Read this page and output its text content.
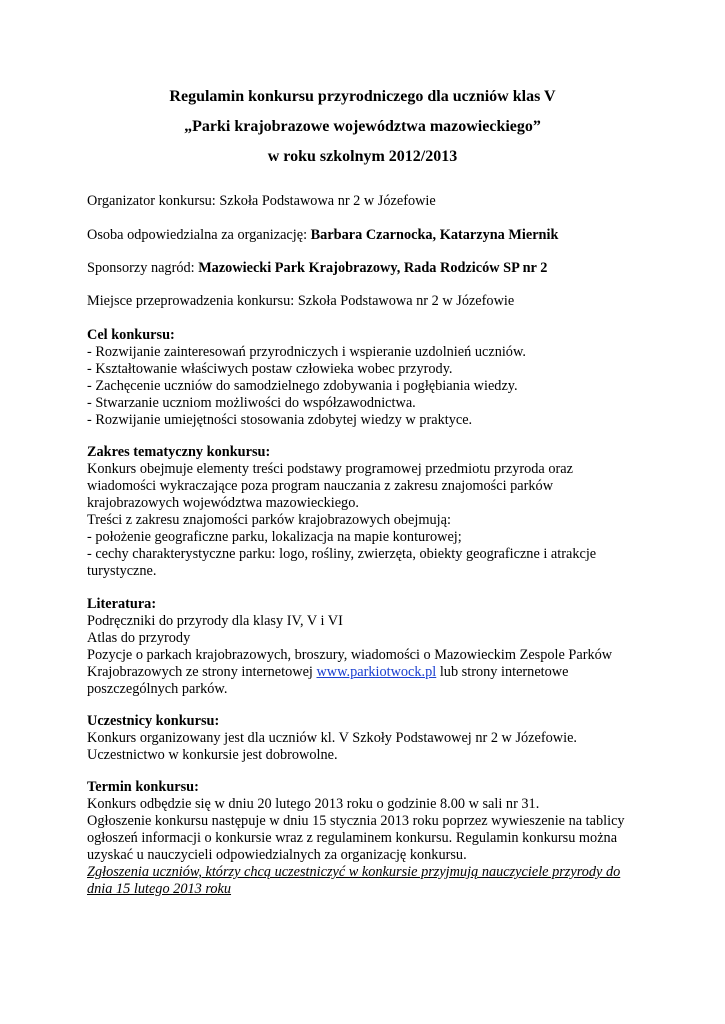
Regulamin konkursu przyrodniczego dla uczniów klas V
„Parki krajobrazowe województwa mazowieckiego”
w roku szkolnym 2012/2013
Organizator konkursu: Szkoła Podstawowa nr 2 w Józefowie
Osoba odpowiedzialna za organizację: Barbara Czarnocka, Katarzyna Miernik
Sponsorzy nagród: Mazowiecki Park Krajobrazowy, Rada Rodziców SP nr 2
Miejsce przeprowadzenia konkursu: Szkoła Podstawowa nr 2 w Józefowie
Cel konkursu:
- Rozwijanie zainteresowań przyrodniczych i wspieranie uzdolnień uczniów.
- Kształtowanie właściwych postaw człowieka wobec przyrody.
- Zachęcenie uczniów do samodzielnego zdobywania i pogłębiania wiedzy.
- Stwarzanie uczniom możliwości do współzawodnictwa.
- Rozwijanie umiejętności stosowania zdobytej wiedzy w praktyce.
Zakres tematyczny konkursu:
Konkurs obejmuje elementy treści podstawy programowej przedmiotu przyroda oraz
wiadomości wykraczające poza program nauczania z zakresu znajomości parków
krajobrazowych województwa mazowieckiego.
Treści z zakresu znajomości parków krajobrazowych obejmują:
- położenie geograficzne parku, lokalizacja na mapie konturowej;
- cechy charakterystyczne parku: logo, rośliny, zwierzęta, obiekty geograficzne i atrakcje
turystyczne.
Literatura:
Podręczniki do przyrody dla klasy IV, V i VI
Atlas do przyrody
Pozycje o parkach krajobrazowych, broszury, wiadomości o Mazowieckim Zespole Parków
Krajobrazowych ze strony internetowej www.parkiotwock.pl lub strony internetowe
poszczególnych parków.
Uczestnicy konkursu:
Konkurs organizowany jest dla uczniów kl. V Szkoły Podstawowej nr 2 w Józefowie.
Uczestnictwo w konkursie jest dobrowolne.
Termin konkursu:
Konkurs odbędzie się w dniu 20 lutego 2013 roku o godzinie 8.00 w sali nr 31.
Ogłoszenie konkursu następuje w dniu 15 stycznia 2013 roku poprzez wywieszenie na tablicy
ogłoszeń informacji o konkursie wraz z regulaminem konkursu. Regulamin konkursu można
uzyskać u nauczycieli odpowiedzialnych za organizację konkursu.
Zgłoszenia uczniów, którzy chcą uczestniczyć w konkursie przyjmują nauczyciele przyrody do
dnia 15 lutego 2013 roku
